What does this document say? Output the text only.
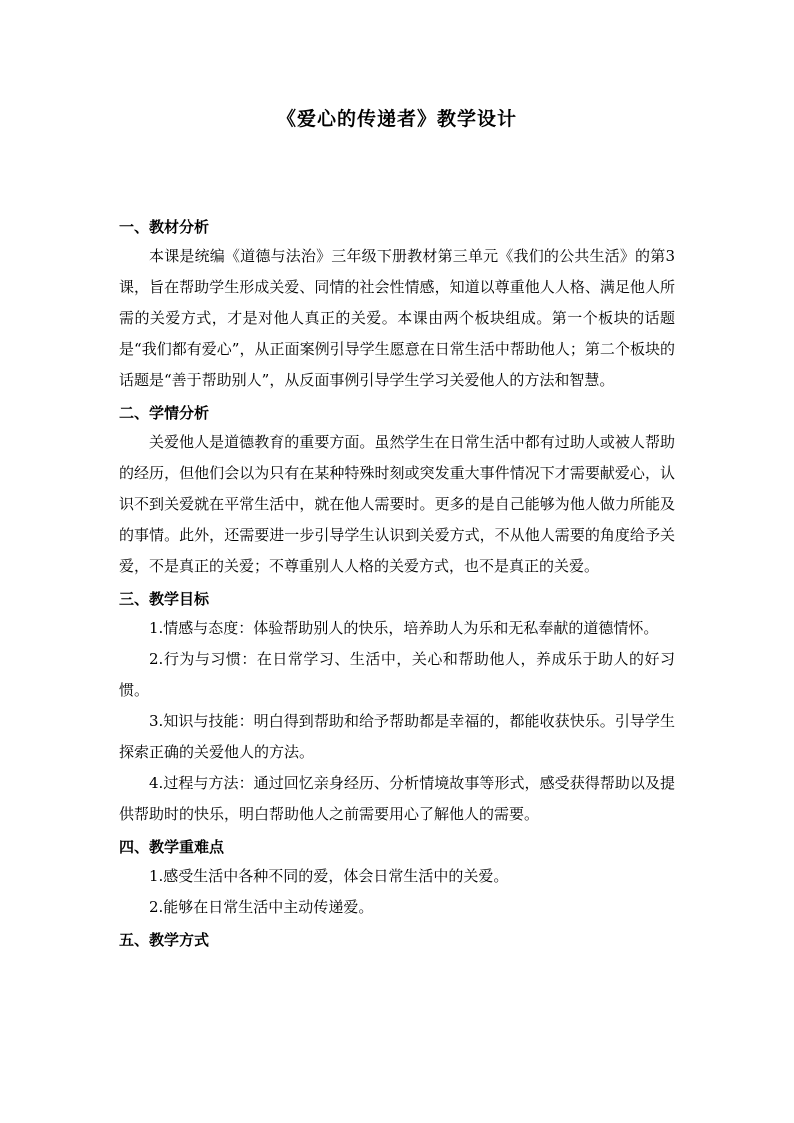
《爱心的传递者》教学设计
一、教材分析

本课是统编《道德与法治》三年级下册教材第三单元《我们的公共生活》的第3课，旨在帮助学生形成关爱、同情的社会性情感，知道以尊重他人人格、满足他人所需的关爱方式，才是对他人真正的关爱。本课由两个板块组成。第一个板块的话题是“我们都有爱心”，从正面案例引导学生愿意在日常生活中帮助他人；第二个板块的话题是“善于帮助别人”，从反面事例引导学生学习关爱他人的方法和智慧。

二、学情分析

关爱他人是道德教育的重要方面。虽然学生在日常生活中都有过助人或被人帮助的经历，但他们会以为只有在某种特殊时刻或突发重大事件情况下才需要献爱心，认识不到关爱就在平常生活中，就在他人需要时。更多的是自己能够为他人做力所能及的事情。此外，还需要进一步引导学生认识到关爱方式，不从他人需要的角度给予关爱，不是真正的关爱；不尊重别人人格的关爱方式，也不是真正的关爱。

三、教学目标

1.情感与态度：体验帮助别人的快乐，培养助人为乐和无私奉献的道德情怀。

2.行为与习惯：在日常学习、生活中，关心和帮助他人，养成乐于助人的好习惯。

3.知识与技能：明白得到帮助和给予帮助都是幸福的，都能收获快乐。引导学生探索正确的关爱他人的方法。

4.过程与方法：通过回忆亲身经历、分析情境故事等形式，感受获得帮助以及提供帮助时的快乐，明白帮助他人之前需要用心了解他人的需要。

四、教学重难点

1.感受生活中各种不同的爱，体会日常生活中的关爱。

2.能够在日常生活中主动传递爱。

五、教学方式
